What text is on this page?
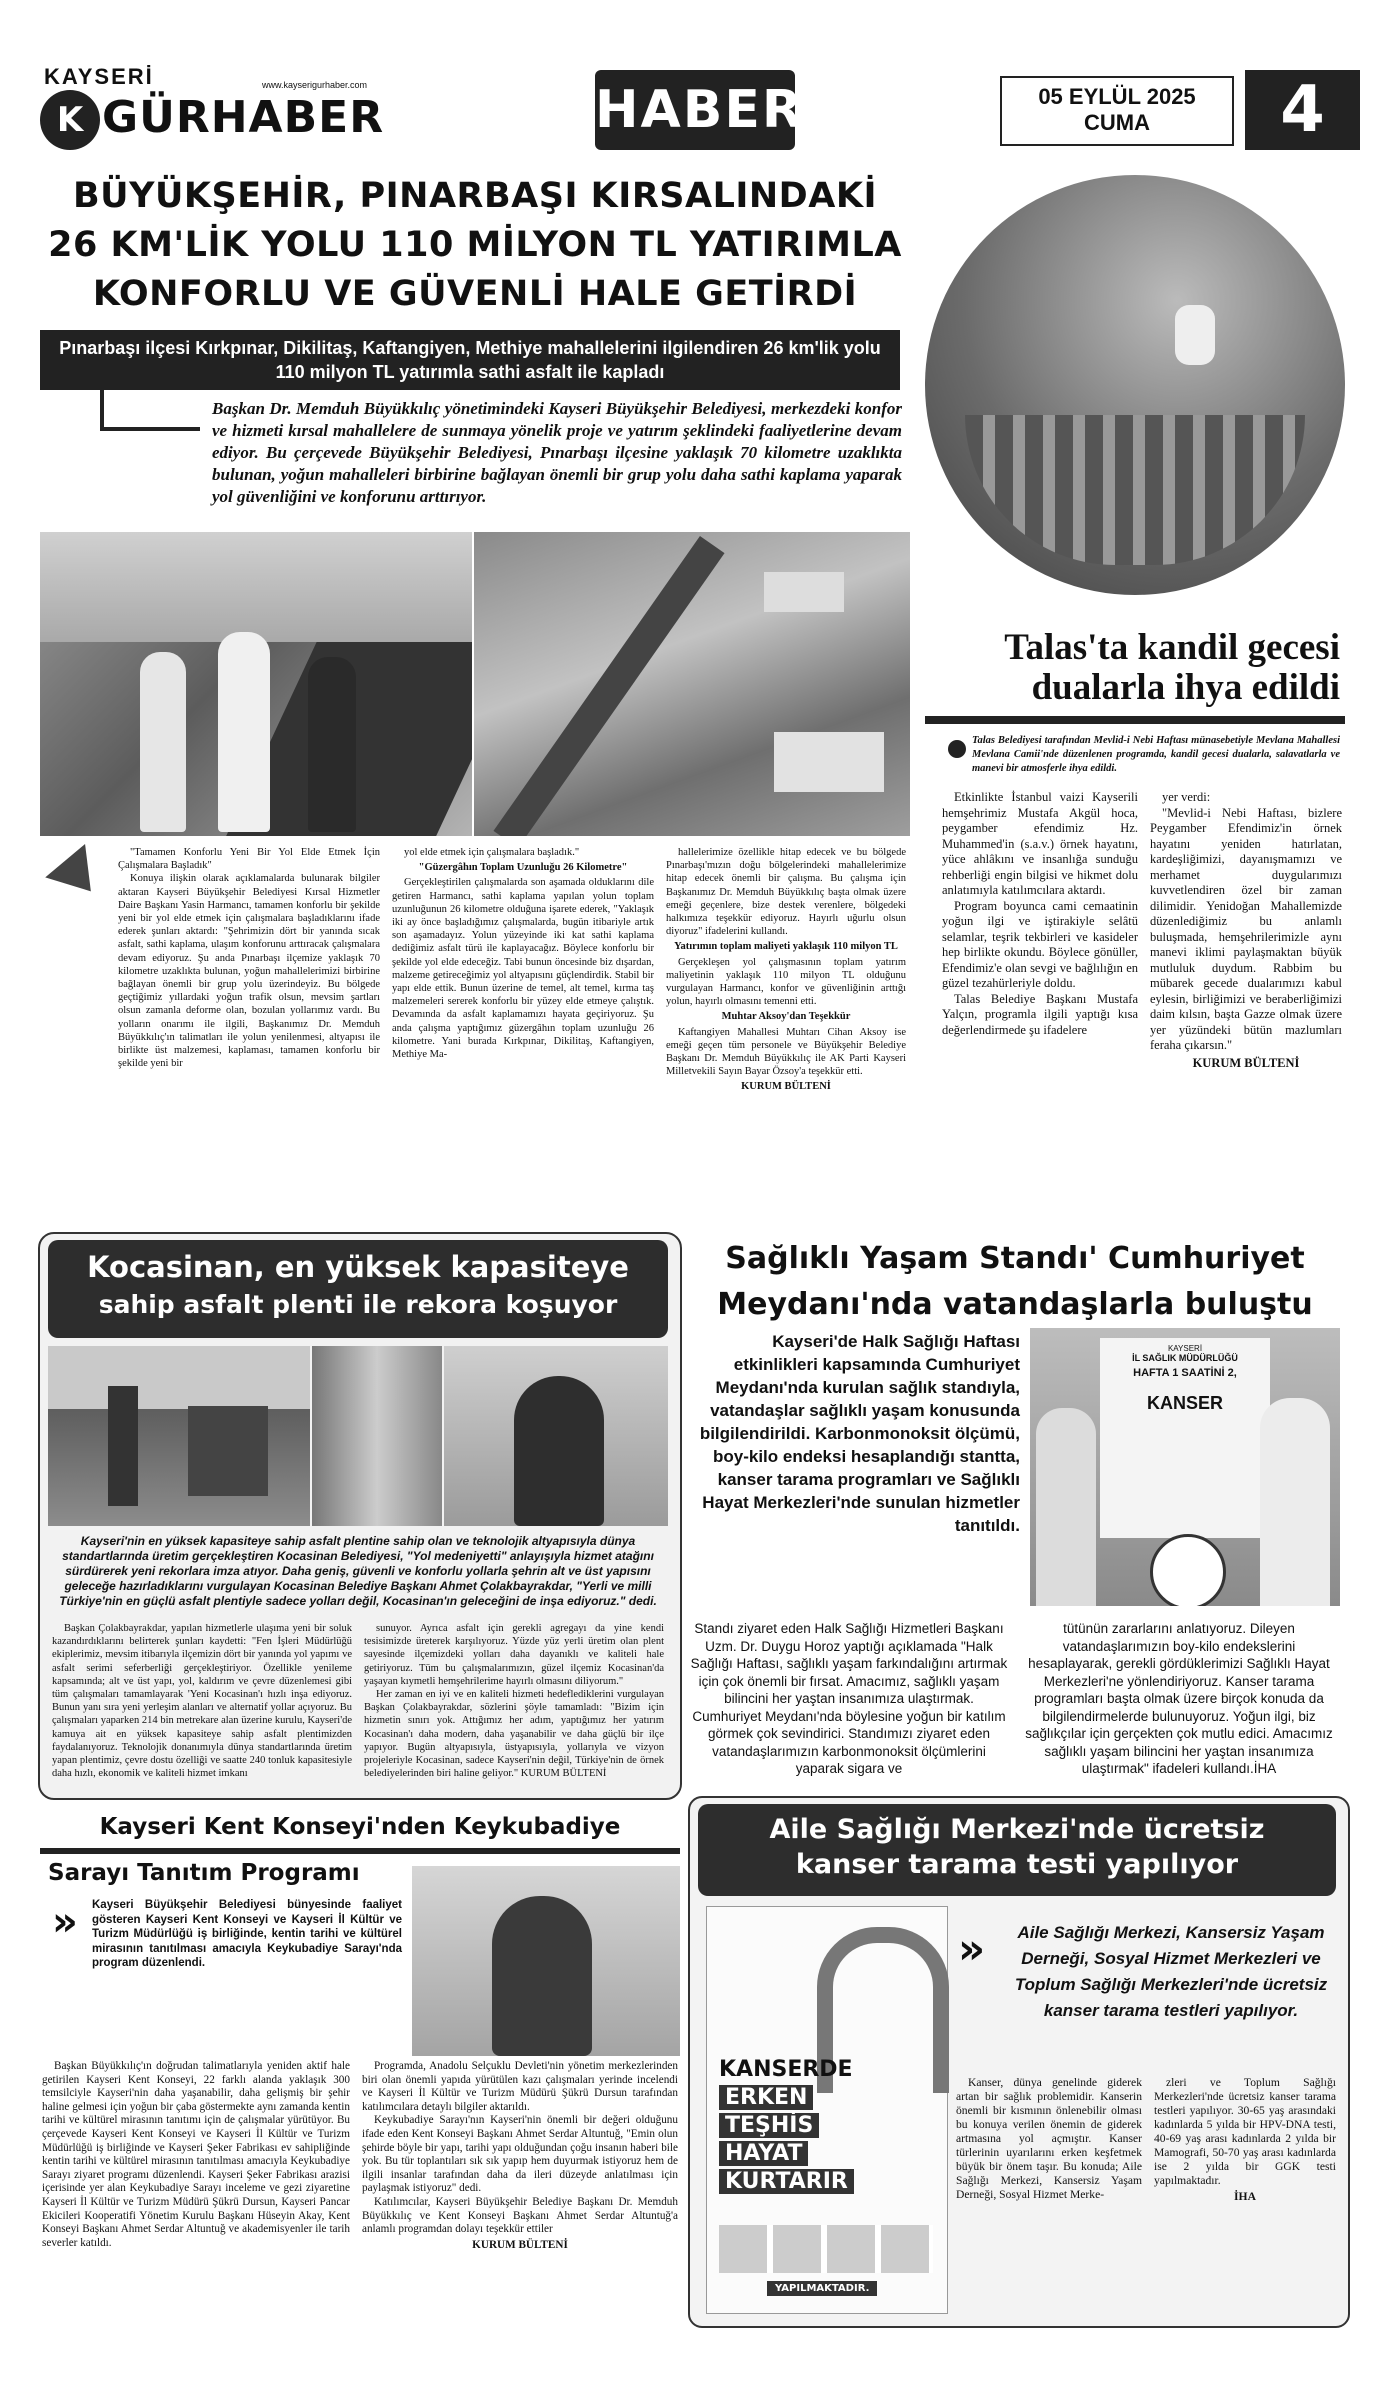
KAYSERİ
K GÜRHABER
www.kayserigurhaber.com	HABER	05 EYLÜL 2025
CUMA	4
BÜYÜKŞEHİR, PINARBAŞI KIRSALINDAKİ
26 KM'LİK YOLU 110 MİLYON TL YATIRIMLA
KONFORLU VE GÜVENLİ HALE GETİRDİ
Pınarbaşı ilçesi Kırkpınar, Dikilitaş, Kaftangiyen, Methiye mahallelerini ilgilendiren 26 km'lik yolu 110 milyon TL yatırımla sathi asfalt ile kapladı
Başkan Dr. Memduh Büyükkılıç yönetimindeki Kayseri Büyükşehir Belediyesi, merkezdeki konfor ve hizmeti kırsal mahallelere de sunmaya yönelik proje ve yatırım şeklindeki faaliyetlerine devam ediyor. Bu çerçevede Büyükşehir Belediyesi, Pınarbaşı ilçesine yaklaşık 70 kilometre uzaklıkta bulunan, yoğun mahalleleri birbirine bağlayan önemli bir grup yolu daha sathi kaplama yaparak yol güvenliğini ve konforunu arttırıyor.

"Tamamen Konforlu Yeni Bir Yol Elde Etmek İçin Çalışmalara Başladık"

Konuya ilişkin olarak açıklamalarda bulunarak bilgiler aktaran Kayseri Büyükşehir Belediyesi Kırsal Hizmetler Daire Başkanı Yasin Harmancı, tamamen konforlu bir şekilde yeni bir yol elde etmek için çalışmalara başladıklarını ifade ederek şunları aktardı: "Şehrimizin dört bir yanında sıcak asfalt, sathi kaplama, ulaşım konforunu arttıracak çalışmalara devam ediyoruz. Şu anda Pınarbaşı ilçemize yaklaşık 70 kilometre uzaklıkta bulunan, yoğun mahallelerimizi birbirine bağlayan önemli bir grup yolu üzerindeyiz. Bu bölgede geçtiğimiz yıllardaki yoğun trafik olsun, mevsim şartları olsun zamanla deforme olan, bozulan yollarımız vardı. Bu yolların onarımı ile ilgili, Başkanımız Dr. Memduh Büyükkılıç'ın talimatları ile yolun yenilenmesi, altyapısı ile birlikte üst malzemesi, kaplaması, tamamen konforlu bir şekilde yeni bir

yol elde etmek için çalışmalara başladık."

"Güzergâhın Toplam Uzunluğu 26 Kilometre"

Gerçekleştirilen çalışmalarda son aşamada olduklarını dile getiren Harmancı, sathi kaplama yapılan yolun toplam uzunluğunun 26 kilometre olduğuna işarete ederek, "Yaklaşık iki ay önce başladığımız çalışmalarda, bugün itibariyle artık son aşamadayız. Yolun yüzeyinde iki kat sathi kaplama dediğimiz asfalt türü ile kaplayacağız. Böylece konforlu bir şekilde yol elde edeceğiz. Tabi bunun öncesinde biz dışardan, malzeme getireceğimiz yol altyapısını güçlendirdik. Stabil bir yapı elde ettik. Bunun üzerine de temel, alt temel, kırma taş malzemeleri sererek konforlu bir yüzey elde etmeye çalıştık. Devamında da asfalt kaplamamızı hayata geçiriyoruz. Şu anda çalışma yaptığımız güzergâhın toplam uzunluğu 26 kilometre. Yani burada Kırkpınar, Dikilitaş, Kaftangiyen, Methiye Ma-

hallelerimize özellikle hitap edecek ve bu bölgede Pınarbaşı'mızın doğu bölgelerindeki mahallelerimize hitap edecek önemli bir çalışma. Bu çalışma için Başkanımız Dr. Memduh Büyükkılıç başta olmak üzere emeği geçenlere, bize destek verenlere, bölgedeki halkımıza teşekkür ediyoruz. Hayırlı uğurlu olsun diyoruz" ifadelerini kullandı.

Yatırımın toplam maliyeti yaklaşık 110 milyon TL

Gerçekleşen yol çalışmasının toplam yatırım maliyetinin yaklaşık 110 milyon TL olduğunu vurgulayan Harmancı, konfor ve güvenliğinin arttığı yolun, hayırlı olmasını temenni etti.

Muhtar Aksoy'dan Teşekkür

Kaftangiyen Mahallesi Muhtarı Cihan Aksoy ise emeği geçen tüm personele ve Büyükşehir Belediye Başkanı Dr. Memduh Büyükkılıç ile AK Parti Kayseri Milletvekili Sayın Bayar Özsoy'a teşekkür etti.

KURUM BÜLTENİ

Talas'ta kandil gecesi
dualarla ihya edildi
Talas Belediyesi tarafından Mevlid-i Nebi Haftası münasebetiyle Mevlana Mahallesi Mevlana Camii'nde düzenlenen programda, kandil gecesi dualarla, salavatlarla ve manevi bir atmosferle ihya edildi.

Etkinlikte İstanbul vaizi Kayserili hemşehrimiz Mustafa Akgül hoca, peygamber efendimiz Hz. Muhammed'in (s.a.v.) örnek hayatını, yüce ahlâkını ve insanlığa sunduğu rehberliği engin bilgisi ve hikmet dolu anlatımıyla katılımcılara aktardı.

Program boyunca cami cemaatinin yoğun ilgi ve iştirakiyle selâtü selamlar, teşrik tekbirleri ve kasideler hep birlikte okundu. Böylece gönüller, Efendimiz'e olan sevgi ve bağlılığın en güzel tezahürleriyle doldu.

Talas Belediye Başkanı Mustafa Yalçın, programla ilgili yaptığı kısa değerlendirmede şu ifadelere

yer verdi:

"Mevlid-i Nebi Haftası, bizlere Peygamber Efendimiz'in örnek hayatını yeniden hatırlatan, kardeşliğimizi, dayanışmamızı ve merhamet duygularımızı kuvvetlendiren özel bir zaman dilimidir. Yenidoğan Mahallemizde düzenlediğimiz bu anlamlı buluşmada, hemşehrilerimizle aynı manevi iklimi paylaşmaktan büyük mutluluk duydum. Rabbim bu mübarek gecede dualarımızı kabul eylesin, birliğimizi ve beraberliğimizi daim kılsın, başta Gazze olmak üzere yer yüzündeki bütün mazlumları ferahа çıkarsın."

KURUM BÜLTENİ

Kocasinan, en yüksek kapasiteye
sahip asfalt plenti ile rekora koşuyor
Kayseri'nin en yüksek kapasiteye sahip asfalt plentine sahip olan ve teknolojik altyapısıyla dünya standartlarında üretim gerçekleştiren Kocasinan Belediyesi, "Yol medeniyetti" anlayışıyla hizmet atağını sürdürerek yeni rekorlara imza atıyor. Daha geniş, güvenli ve konforlu yollarla şehrin alt ve üst yapısını geleceğe hazırladıklarını vurgulayan Kocasinan Belediye Başkanı Ahmet Çolakbayrakdar, "Yerli ve milli Türkiye'nin en güçlü asfalt plentiyle sadece yolları değil, Kocasinan'ın geleceğini de inşa ediyoruz." dedi.

Başkan Çolakbayrakdar, yapılan hizmetlerle ulaşıma yeni bir soluk kazandırdıklarını belirterek şunları kaydetti: "Fen İşleri Müdürlüğü ekiplerimiz, mevsim itibarıyla ilçemizin dört bir yanında yol yapımı ve asfalt serimi seferberliği gerçekleştiriyor. Özellikle yenileme kapsamında; alt ve üst yapı, yol, kaldırım ve çevre düzenlemesi gibi tüm çalışmaları tamamlayarak 'Yeni Kocasinan'ı hızlı inşa ediyoruz. Bunun yanı sıra yeni yerleşim alanları ve alternatif yollar açıyoruz. Bu çalışmaları yaparken 214 bin metrekare alan üzerine kurulu, Kayseri'de kamuya ait en yüksek kapasiteye sahip asfalt plentimizden faydalanıyoruz. Teknolojik donanımıyla dünya standartlarında üretim yapan plentimiz, çevre dostu özelliği ve saatte 240 tonluk kapasitesiyle daha hızlı, ekonomik ve kaliteli hizmet imkanı

sunuyor. Ayrıca asfalt için gerekli agregayı da yine kendi tesisimizde üreterek karşılıyoruz. Yüzde yüz yerli üretim olan plent sayesinde ilçemizdeki yolları daha dayanıklı ve kaliteli hale getiriyoruz. Tüm bu çalışmalarımızın, güzel ilçemiz Kocasinan'da yaşayan kıymetli hemşehrilerime hayırlı olmasını diliyorum."

Her zaman en iyi ve en kaliteli hizmeti hedeflediklerini vurgulayan Başkan Çolakbayrakdar, sözlerini şöyle tamamladı: "Bizim için hizmetin sınırı yok. Attığımız her adım, yaptığımız her yatırım Kocasinan'ı daha modern, daha yaşanabilir ve daha güçlü bir ilçe yapıyor. Bugün altyapısıyla, üstyapısıyla, yollarıyla ve vizyon projeleriyle Kocasinan, sadece Kayseri'nin değil, Türkiye'nin de örnek belediyelerinden biri haline geliyor." KURUM BÜLTENİ

Sağlıklı Yaşam Standı' Cumhuriyet
Meydanı'nda vatandaşlarla buluştu
Kayseri'de Halk Sağlığı Haftası etkinlikleri kapsamında Cumhuriyet Meydanı'nda kurulan sağlık standıyla, vatandaşlar sağlıklı yaşam konusunda bilgilendirildi. Karbonmonoksit ölçümü, boy-kilo endeksi hesaplandığı stantta, kanser tarama programları ve Sağlıklı Hayat Merkezleri'nde sunulan hizmetler tanıtıldı.
KAYSERİ
İL SAĞLIK MÜDÜRLÜĞÜ
HAFTA 1 SAATİNİ 2,
KANSER
Standı ziyaret eden Halk Sağlığı Hizmetleri Başkanı Uzm. Dr. Duygu Horoz yaptığı açıklamada "Halk Sağlığı Haftası, sağlıklı yaşam farkındalığını artırmak için çok önemli bir fırsat. Amacımız, sağlıklı yaşam bilincini her yaştan insanımıza ulaştırmak. Cumhuriyet Meydanı'nda böylesine yoğun bir katılım görmek çok sevindirici. Standımızı ziyaret eden vatandaşlarımızın karbonmonoksit ölçümlerini yaparak sigara ve
tütünün zararlarını anlatıyoruz. Dileyen vatandaşlarımızın boy-kilo endekslerini hesaplayarak, gerekli gördüklerimizi Sağlıklı Hayat Merkezleri'ne yönlendiriyoruz. Kanser tarama programları başta olmak üzere birçok konuda da bilgilendirmelerde bulunuyoruz. Yoğun ilgi, biz sağlıkçılar için gerçekten çok mutlu edici. Amacımız sağlıklı yaşam bilincini her yaştan insanımıza ulaştırmak" ifadeleri kullandı.İHA
Kayseri Kent Konseyi'nden Keykubadiye
Sarayı Tanıtım Programı
» Kayseri Büyükşehir Belediyesi bünyesinde faaliyet gösteren Kayseri Kent Konseyi ve Kayseri İl Kültür ve Turizm Müdürlüğü iş birliğinde, kentin tarihi ve kültürel mirasının tanıtılması amacıyla Keykubadiye Sarayı'nda program düzenlendi.

Başkan Büyükkılıç'ın doğrudan talimatlarıyla yeniden aktif hale getirilen Kayseri Kent Konseyi, 22 farklı alanda yaklaşık 300 temsilciyle Kayseri'nin daha yaşanabilir, daha gelişmiş bir şehir haline gelmesi için yoğun bir çaba göstermekte aynı zamanda kentin tarihi ve kültürel mirasının tanıtımı için de çalışmalar yürütüyor. Bu çerçevede Kayseri Kent Konseyi ve Kayseri İl Kültür ve Turizm Müdürlüğü iş birliğinde ve Kayseri Şeker Fabrikası ev sahipliğinde kentin tarihi ve kültürel mirasının tanıtılması amacıyla Keykubadiye Sarayı ziyaret programı düzenlendi. Kayseri Şeker Fabrikası arazisi içerisinde yer alan Keykubadiye Sarayı inceleme ve gezi ziyaretine Kayseri İl Kültür ve Turizm Müdürü Şükrü Dursun, Kayseri Pancar Ekicileri Kooperatifi Yönetim Kurulu Başkanı Hüseyin Akay, Kent Konseyi Başkanı Ahmet Serdar Altuntuğ ve akademisyenler ile tarih severler katıldı.

Programda, Anadolu Selçuklu Devleti'nin yönetim merkezlerinden biri olan önemli yapıda yürütülen kazı çalışmaları yerinde incelendi ve Kayseri İl Kültür ve Turizm Müdürü Şükrü Dursun tarafından katılımcılara detaylı bilgiler aktarıldı.

Keykubadiye Sarayı'nın Kayseri'nin önemli bir değeri olduğunu ifade eden Kent Konseyi Başkanı Ahmet Serdar Altuntuğ, "Emin olun şehirde böyle bir yapı, tarihi yapı olduğundan çoğu insanın haberi bile yok. Bu tür toplantıları sık sık yapıp hem duyurmak istiyoruz hem de ilgili insanlar tarafından daha da ileri düzeyde anlatılması için paylaşmak istiyoruz" dedi.

Katılımcılar, Kayseri Büyükşehir Belediye Başkanı Dr. Memduh Büyükkılıç ve Kent Konseyi Başkanı Ahmet Serdar Altuntuğ'a anlamlı programdan dolayı teşekkür ettiler

KURUM BÜLTENİ

Aile Sağlığı Merkezi'nde ücretsiz
kanser tarama testi yapılıyor
KANSERDE
ERKEN
TEŞHİS
HAYAT
KURTARIR
YAPILMAKTADIR.
»	Aile Sağlığı Merkezi, Kansersiz Yaşam Derneği, Sosyal Hizmet Merkezleri ve Toplum Sağlığı Merkezleri'nde ücretsiz kanser tarama testleri yapılıyor.

Kanser, dünya genelinde giderek artan bir sağlık problemidir. Kanserin önemli bir kısmının önlenebilir olması bu konuya verilen önemin de giderek artmasına yol açmıştır. Kanser türlerinin uyarılarını erken keşfetmek büyük bir önem taşır. Bu konuda; Aile Sağlığı Merkezi, Kansersiz Yaşam Derneği, Sosyal Hizmet Merke-

zleri ve Toplum Sağlığı Merkezleri'nde ücretsiz kanser tarama testleri yapılıyor. 30-65 yaş arasındaki kadınlarda 5 yılda bir HPV-DNA testi, 40-69 yaş arası kadınlarda 2 yılda bir Mamografi, 50-70 yaş arası kadınlarda ise 2 yılda bir GGK testi yapılmaktadır.

İHA
